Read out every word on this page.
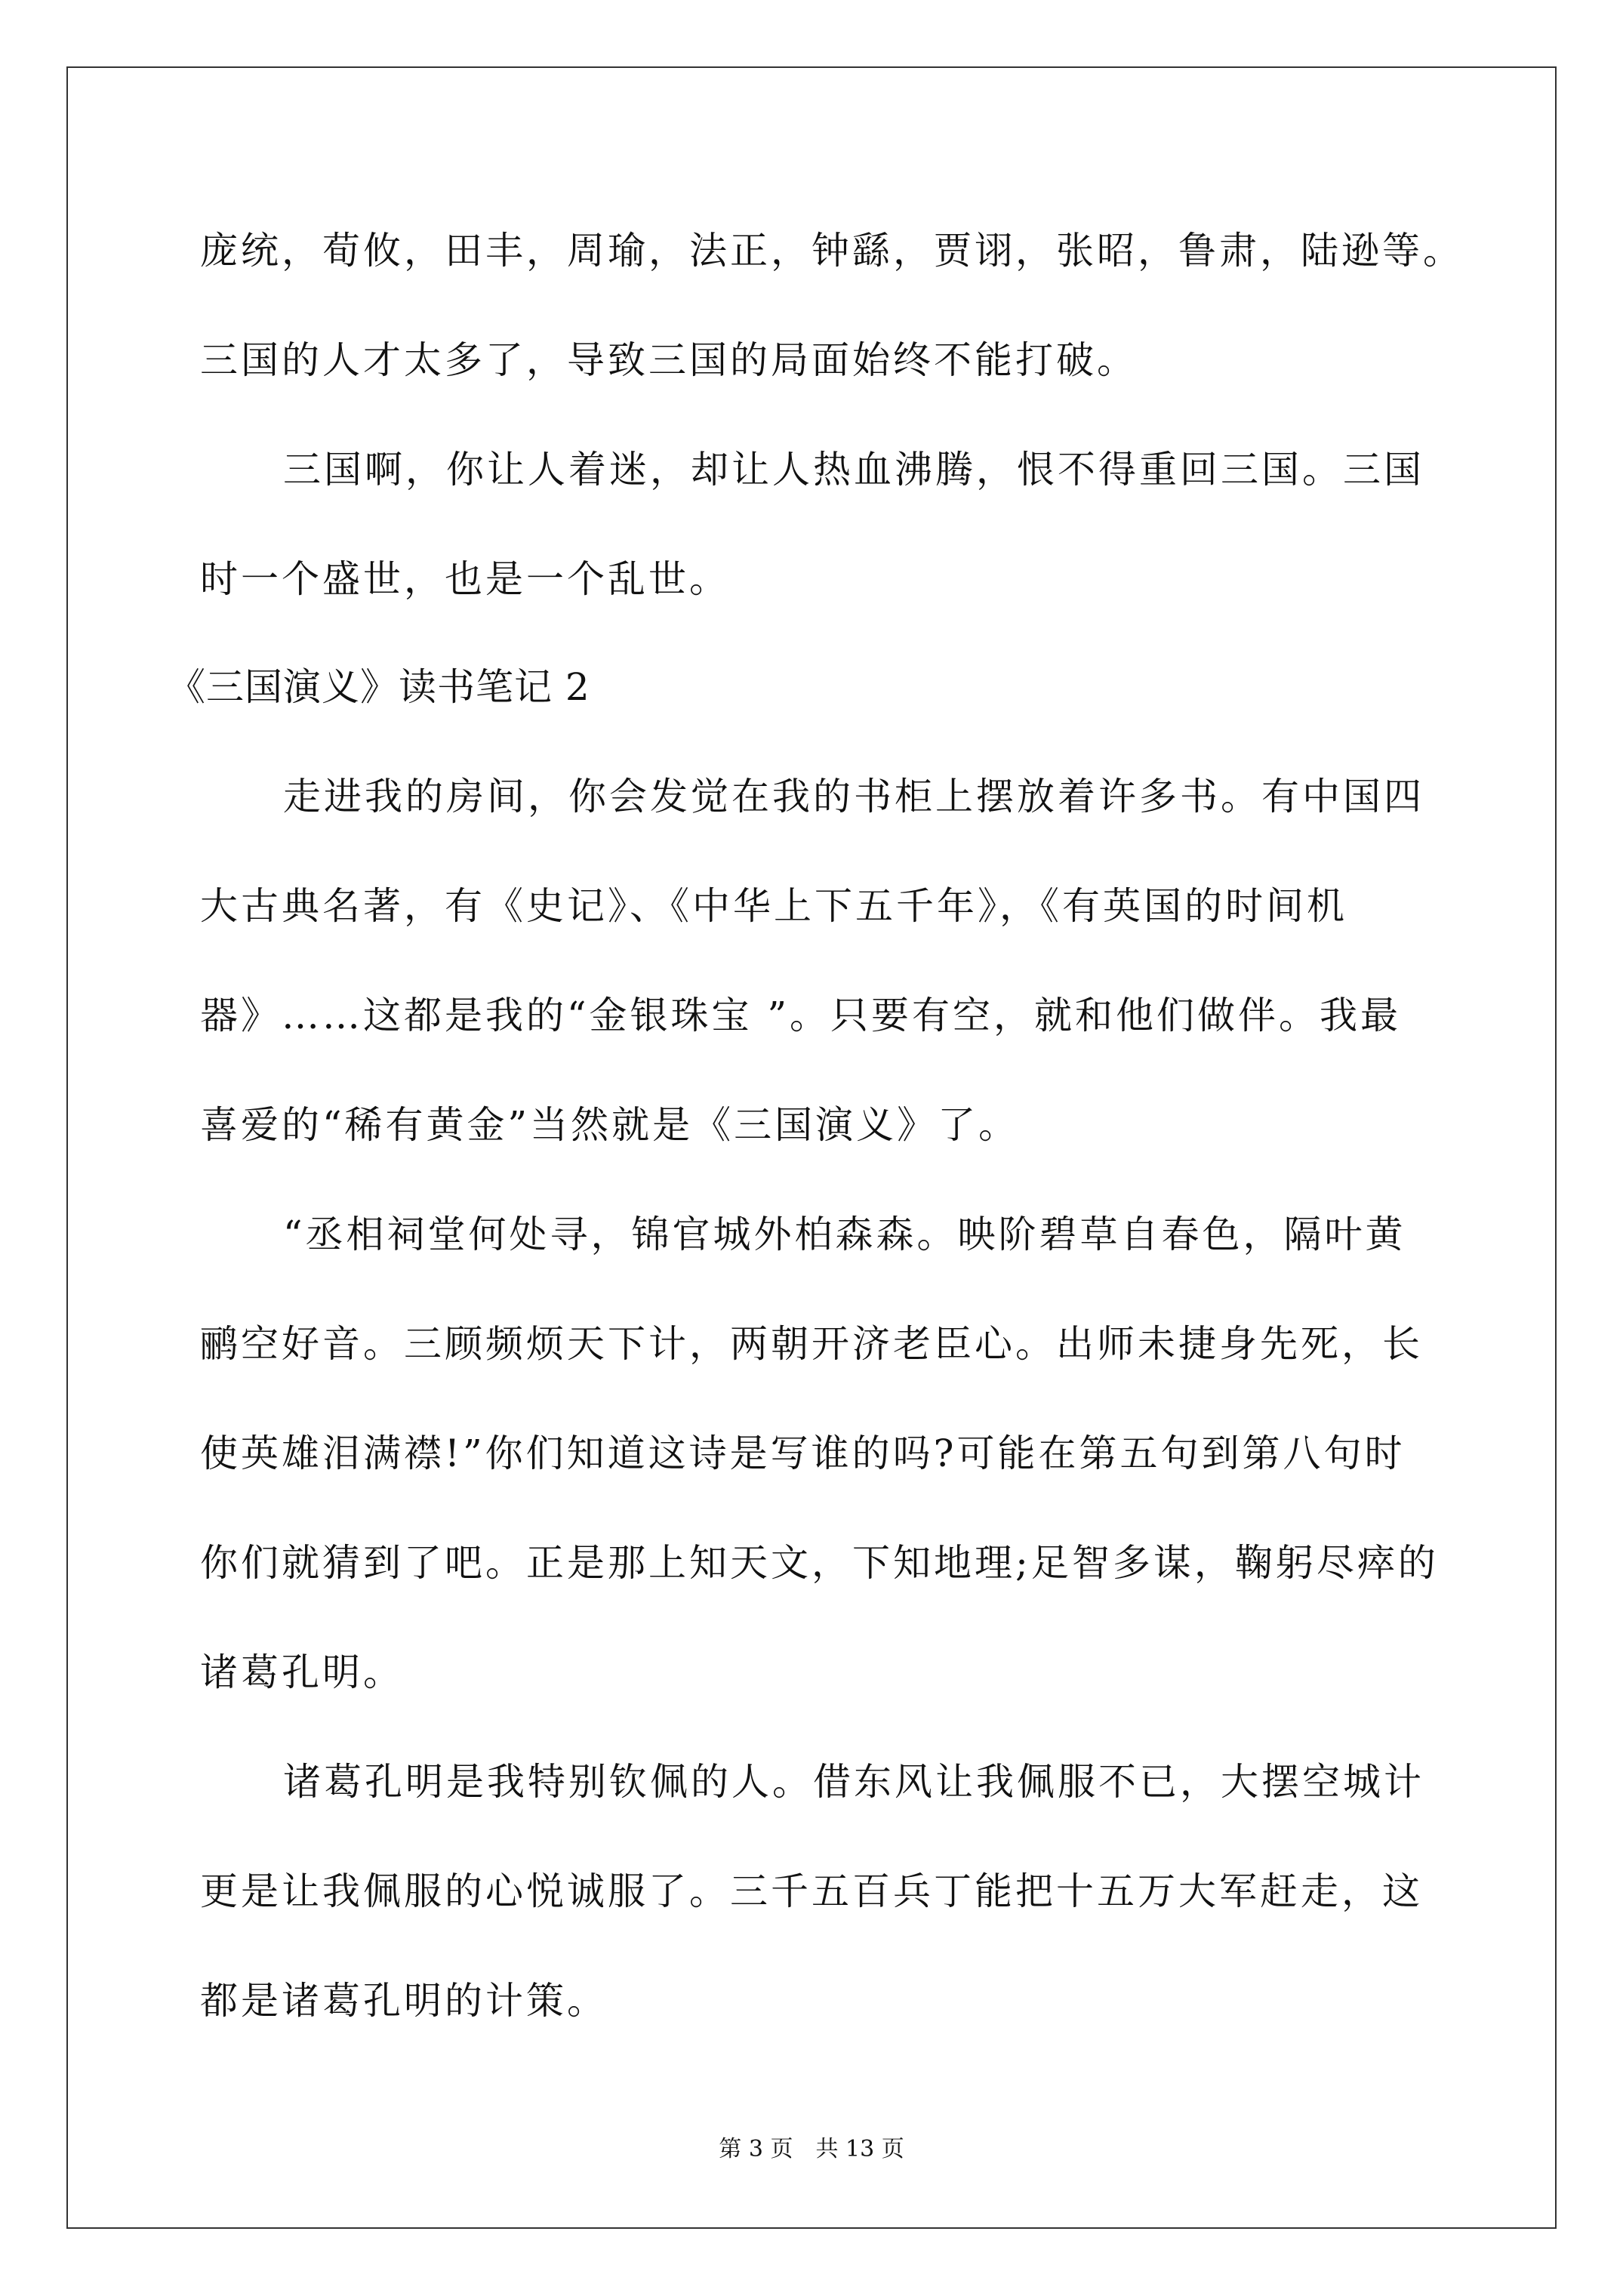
庞统，荀攸，田丰，周瑜，法正，钟繇，贾诩，张昭，鲁肃，陆逊等。
三国的人才太多了，导致三国的局面始终不能打破。
三国啊，你让人着迷，却让人热血沸腾，恨不得重回三国。三国
时一个盛世，也是一个乱世。
《三国演义》读书笔记 2
走进我的房间，你会发觉在我的书柜上摆放着许多书。有中国四
大古典名著，有《史记》、《中华上下五千年》，《有英国的时间机
器》……这都是我的“金银珠宝 ”。只要有空，就和他们做伴。我最
喜爱的“稀有黄金”当然就是《三国演义》了。
“丞相祠堂何处寻，锦官城外柏森森。映阶碧草自春色，隔叶黄
鹂空好音。三顾频烦天下计，两朝开济老臣心。出师未捷身先死，长
使英雄泪满襟!”你们知道这诗是写谁的吗?可能在第五句到第八句时
你们就猜到了吧。正是那上知天文，下知地理;足智多谋，鞠躬尽瘁的
诸葛孔明。
诸葛孔明是我特别钦佩的人。借东风让我佩服不已，大摆空城计
更是让我佩服的心悦诚服了。三千五百兵丁能把十五万大军赶走，这
都是诸葛孔明的计策。
第 3 页 共 13 页
